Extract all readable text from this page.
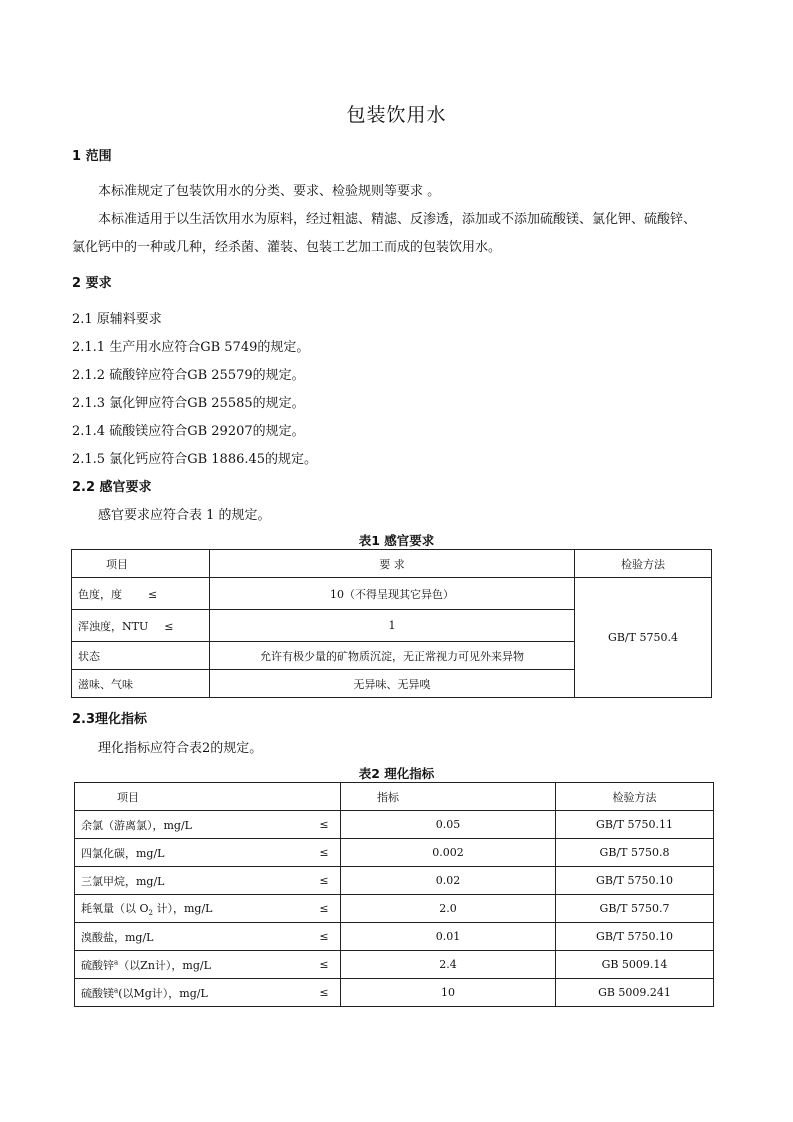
包装饮用水
1 范围
本标准规定了包装饮用水的分类、要求、检验规则等要求 。
本标准适用于以生活饮用水为原料，经过粗滤、精滤、反渗透，添加或不添加硫酸镁、氯化钾、硫酸锌、
氯化钙中的一种或几种，经杀菌、灌装、包装工艺加工而成的包装饮用水。
2 要求
2.1 原辅料要求
2.1.1 生产用水应符合GB 5749的规定。
2.1.2 硫酸锌应符合GB 25579的规定。
2.1.3 氯化钾应符合GB 25585的规定。
2.1.4 硫酸镁应符合GB 29207的规定。
2.1.5 氯化钙应符合GB 1886.45的规定。
2.2 感官要求
感官要求应符合表 1 的规定。
表1 感官要求
项目	要 求	检验方法
色度，度 ≤	10（不得呈现其它异色）	GB/T 5750.4
浑浊度，NTU ≤	1	
状态	允许有极少量的矿物质沉淀，无正常视力可见外来异物	
滋味、气味	无异味、无异嗅	
2.3理化指标
理化指标应符合表2的规定。
表2 理化指标
项目	指标	检验方法

余氯（游离氯），mg/L ≤	0.05	GB/T 5750.11

四氯化碳，mg/L ≤	0.002	GB/T 5750.8

三氯甲烷，mg/L ≤	0.02	GB/T 5750.10

耗氧量（以 $O_2$ 计），mg/L ≤	2.0	GB/T 5750.7

溴酸盐，mg/L ≤	0.01	GB/T 5750.10

硫酸锌$^a$（以Zn计），mg/L ≤	2.4	GB 5009.14

硫酸镁$^a$(以Mg计），mg/L ≤	10	GB 5009.241
